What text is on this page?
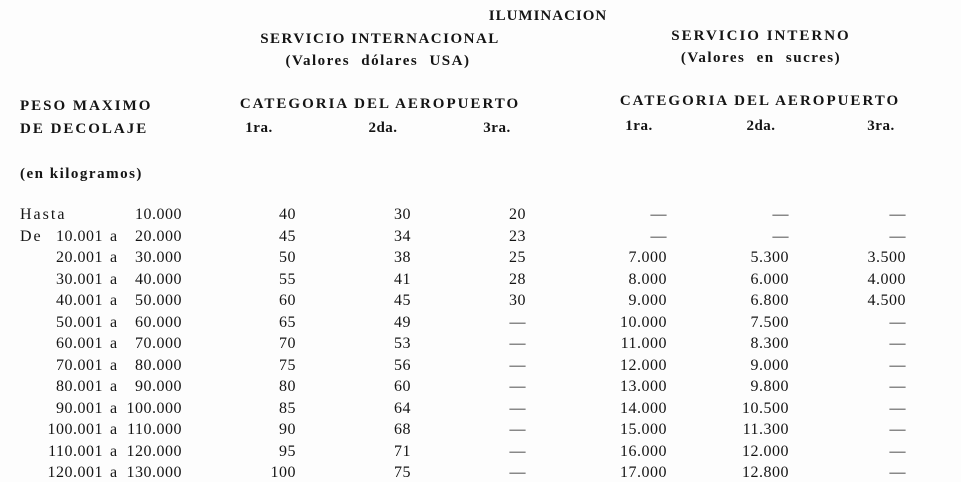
ILUMINACION
SERVICIO INTERNACIONAL
(Valores dólares USA)
SERVICIO INTERNO
(Valores en sucres)
PESO MAXIMO
DE DECOLAJE
(en kilogramos)
CATEGORIA DEL AEROPUERTO
1ra.	2da.	3ra.
CATEGORIA DEL AEROPUERTO
1ra.	2da.	3ra.
Hasta	10.000	40	30	20	—	—	—
De 10.001 a 20.000	45	34	23	—	—	—
20.001 a 30.000	50	38	25	7.000	5.300	3.500
30.001 a 40.000	55	41	28	8.000	6.000	4.000
40.001 a 50.000	60	45	30	9.000	6.800	4.500
50.001 a 60.000	65	49	—	10.000	7.500	—
60.001 a 70.000	70	53	—	11.000	8.300	—
70.001 a 80.000	75	56	—	12.000	9.000	—
80.001 a 90.000	80	60	—	13.000	9.800	—
90.001 a 100.000	85	64	—	14.000	10.500	—
100.001 a 110.000	90	68	—	15.000	11.300	—
110.001 a 120.000	95	71	—	16.000	12.000	—
120.001 a 130.000	100	75	—	17.000	12.800	—
